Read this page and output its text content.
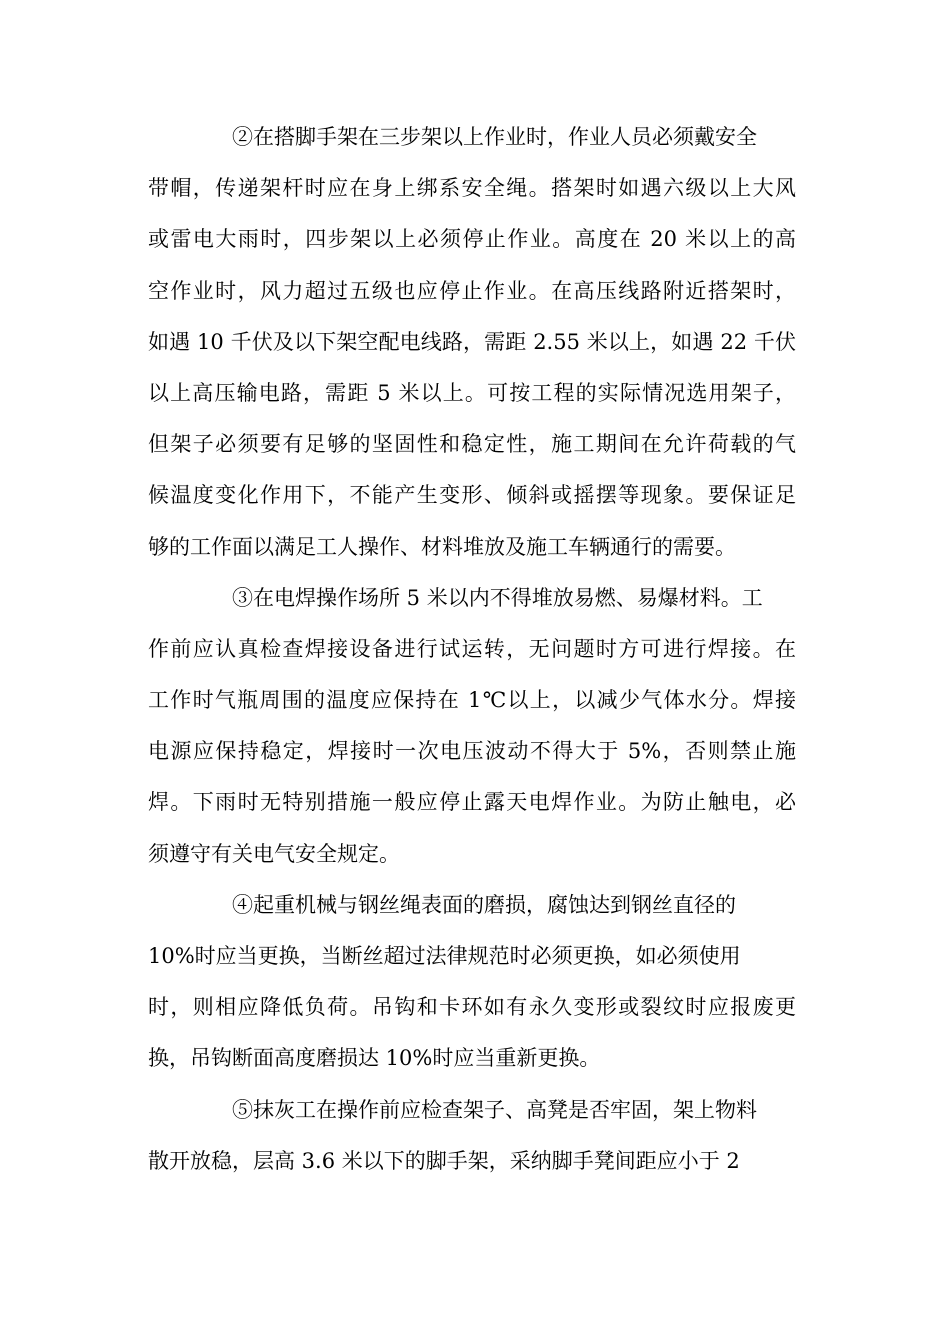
②在搭脚手架在三步架以上作业时，作业人员必须戴安全
带帽，传递架杆时应在身上绑系安全绳。搭架时如遇六级以上大风
或雷电大雨时，四步架以上必须停止作业。高度在 20 米以上的高
空作业时，风力超过五级也应停止作业。在高压线路附近搭架时，
如遇 10 千伏及以下架空配电线路，需距 2.55 米以上，如遇 22 千伏
以上高压输电路，需距 5 米以上。可按工程的实际情况选用架子，
但架子必须要有足够的坚固性和稳定性，施工期间在允许荷载的气
候温度变化作用下，不能产生变形、倾斜或摇摆等现象。要保证足
够的工作面以满足工人操作、材料堆放及施工车辆通行的需要。
③在电焊操作场所 5 米以内不得堆放易燃、易爆材料。工
作前应认真检查焊接设备进行试运转，无问题时方可进行焊接。在
工作时气瓶周围的温度应保持在 1℃以上，以减少气体水分。焊接
电源应保持稳定，焊接时一次电压波动不得大于 5%，否则禁止施
焊。下雨时无特别措施一般应停止露天电焊作业。为防止触电，必
须遵守有关电气安全规定。
④起重机械与钢丝绳表面的磨损，腐蚀达到钢丝直径的
10%时应当更换，当断丝超过法律规范时必须更换，如必须使用
时，则相应降低负荷。吊钩和卡环如有永久变形或裂纹时应报废更
换，吊钩断面高度磨损达 10%时应当重新更换。
⑤抹灰工在操作前应检查架子、高凳是否牢固，架上物料
散开放稳，层高 3.6 米以下的脚手架，采纳脚手凳间距应小于 2
